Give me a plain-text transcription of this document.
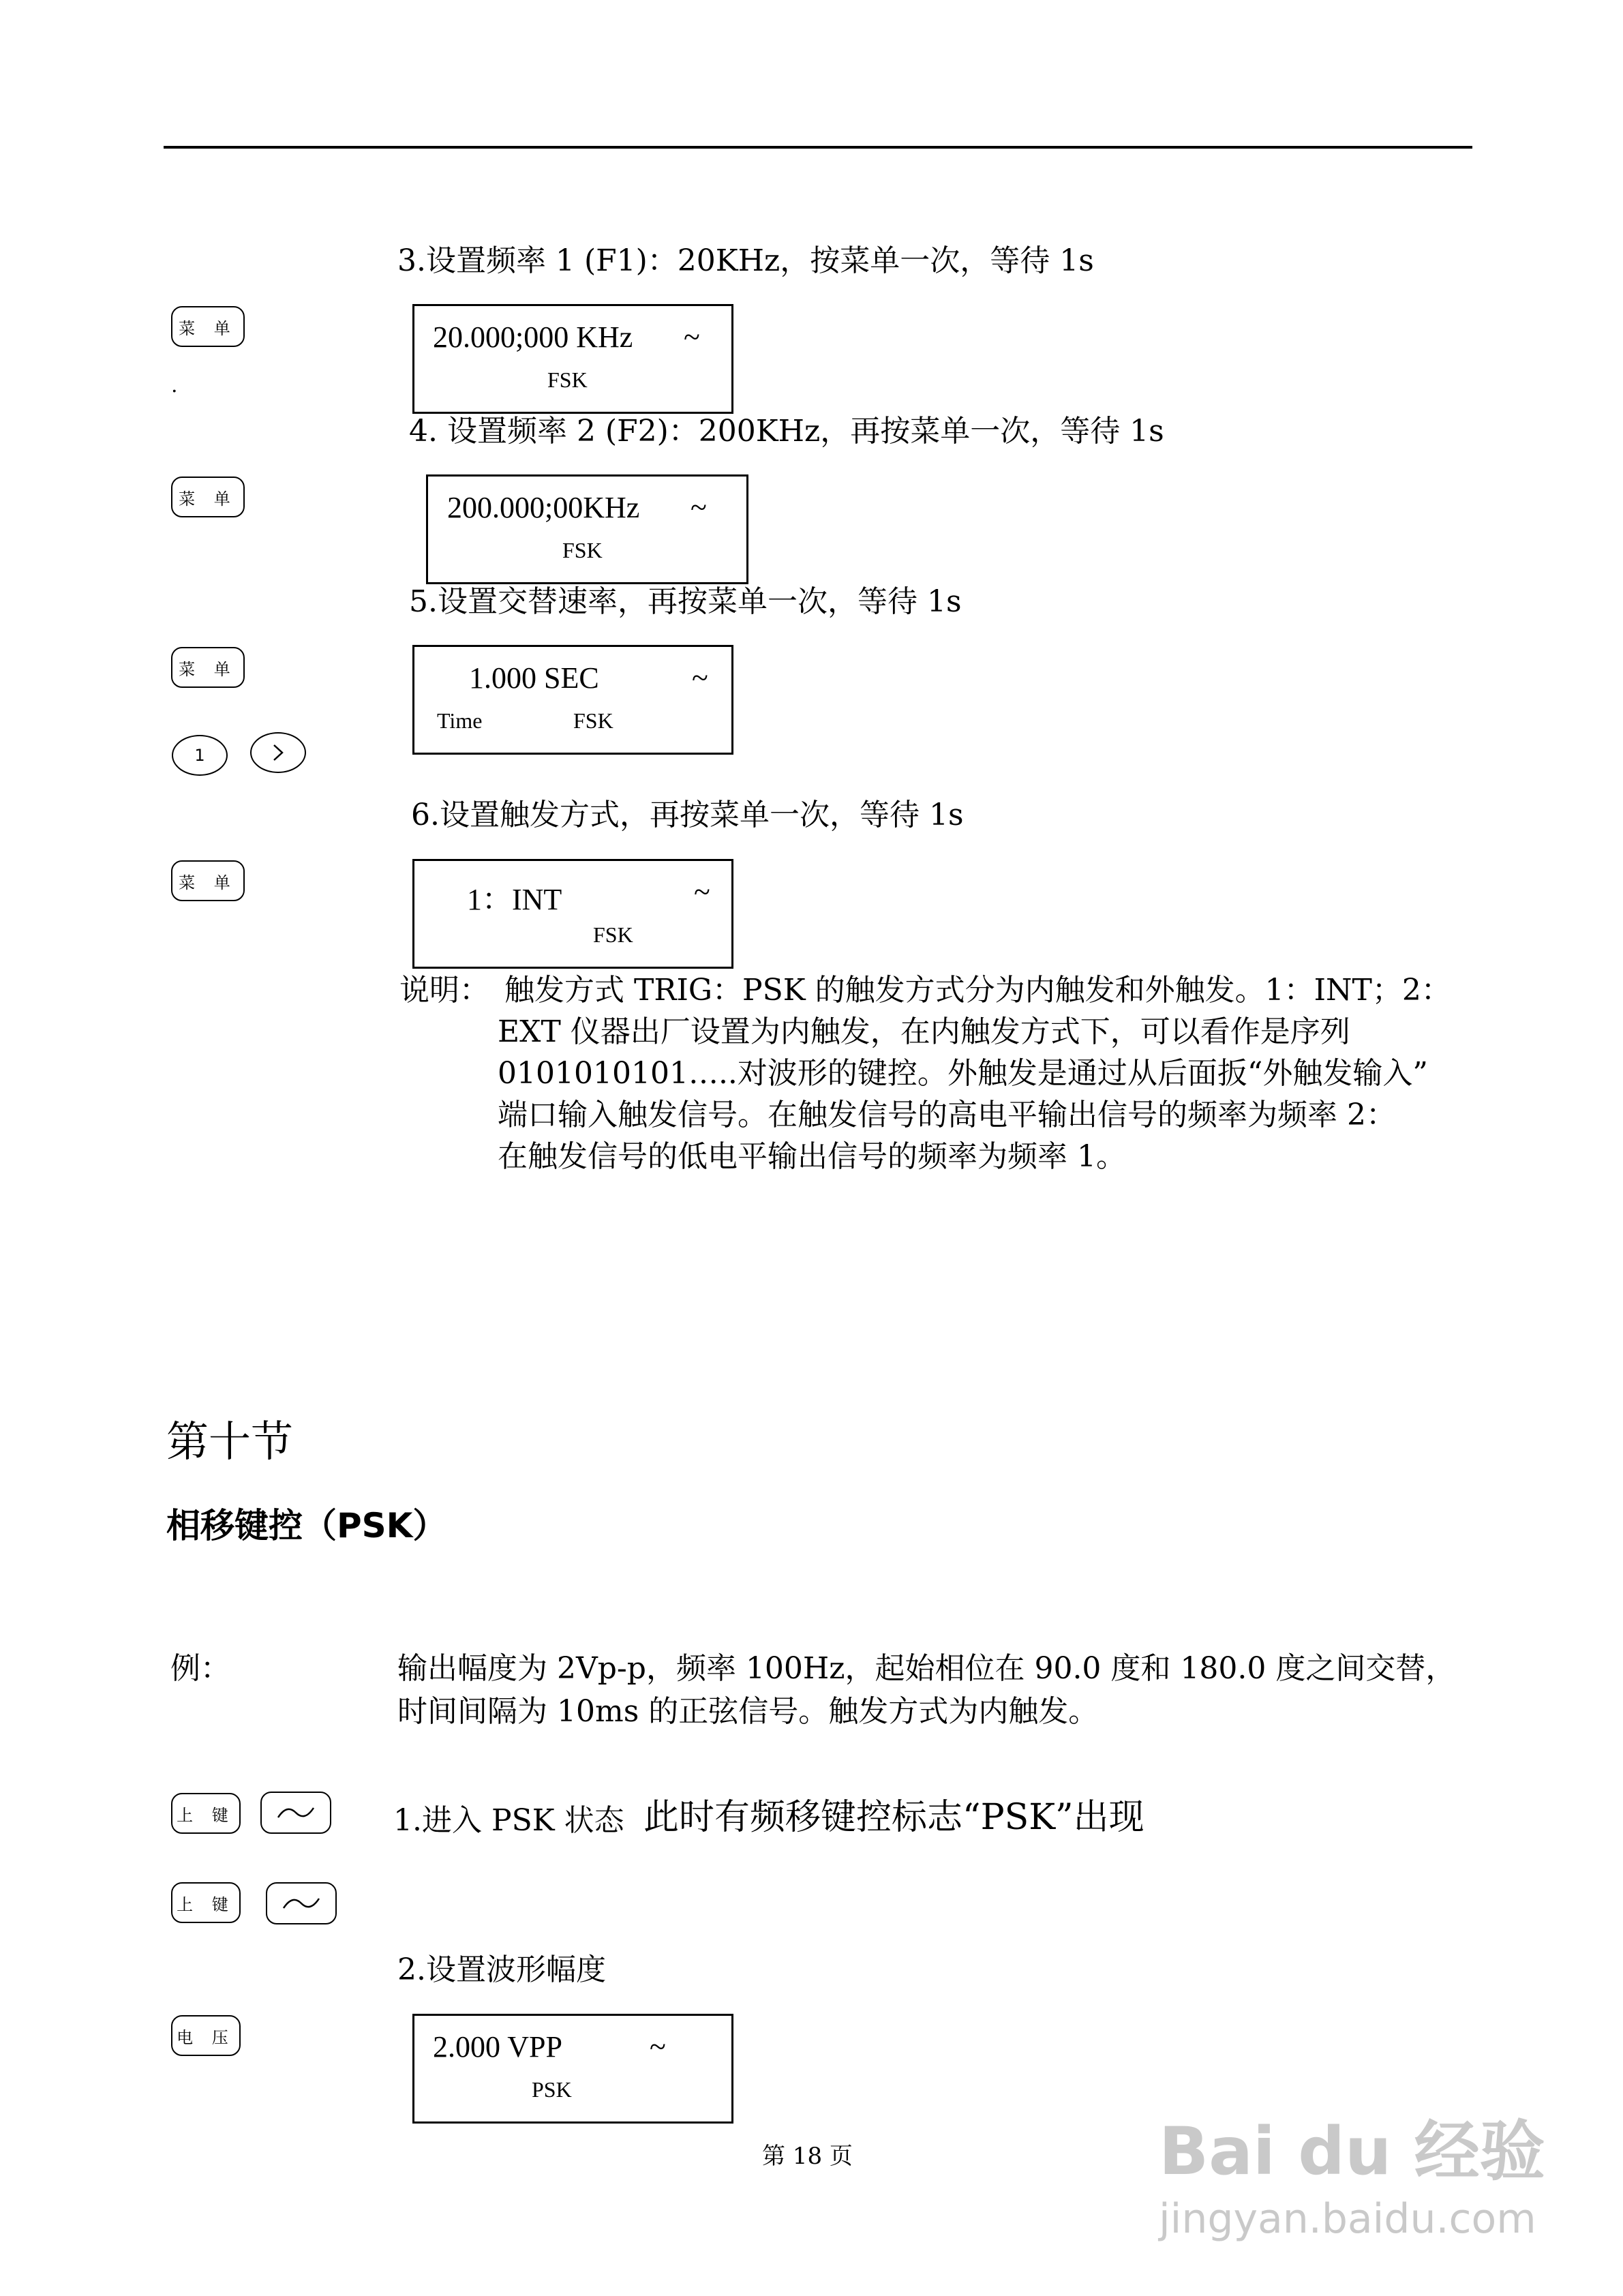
3.设置频率 1 (F1)：20KHz，按菜单一次，等待 1s
菜 单
.
20.000;000 KHz ~
FSK
4. 设置频率 2 (F2)：200KHz，再按菜单一次，等待 1s
菜 单	200.000;00KHz ~
FSK
5.设置交替速率，再按菜单一次，等待 1s
菜 单
1
1.000 SEC	~
Time	FSK
6.设置触发方式，再按菜单一次，等待 1s
菜 单
1：INT	~
FSK
说明： 触发方式 TRIG：PSK 的触发方式分为内触发和外触发。1：INT；2：
EXT 仪器出厂设置为内触发，在内触发方式下，可以看作是序列
0101010101…..对波形的键控。外触发是通过从后面扳“外触发输入”
端口输入触发信号。在触发信号的高电平输出信号的频率为频率 2：
在触发信号的低电平输出信号的频率为频率 1。
第十节
相移键控（PSK）
例：	输出幅度为 2Vp-p，频率 100Hz，起始相位在 90.0 度和 180.0 度之间交替，
时间间隔为 10ms 的正弦信号。触发方式为内触发。
上 键	1.进入 PSK 状态 此时有频移键控标志“PSK”出现
上 键
2.设置波形幅度
电 压	2.000 VPP	~
PSK
第 18 页	Bai du 经验
jingyan.baidu.com
